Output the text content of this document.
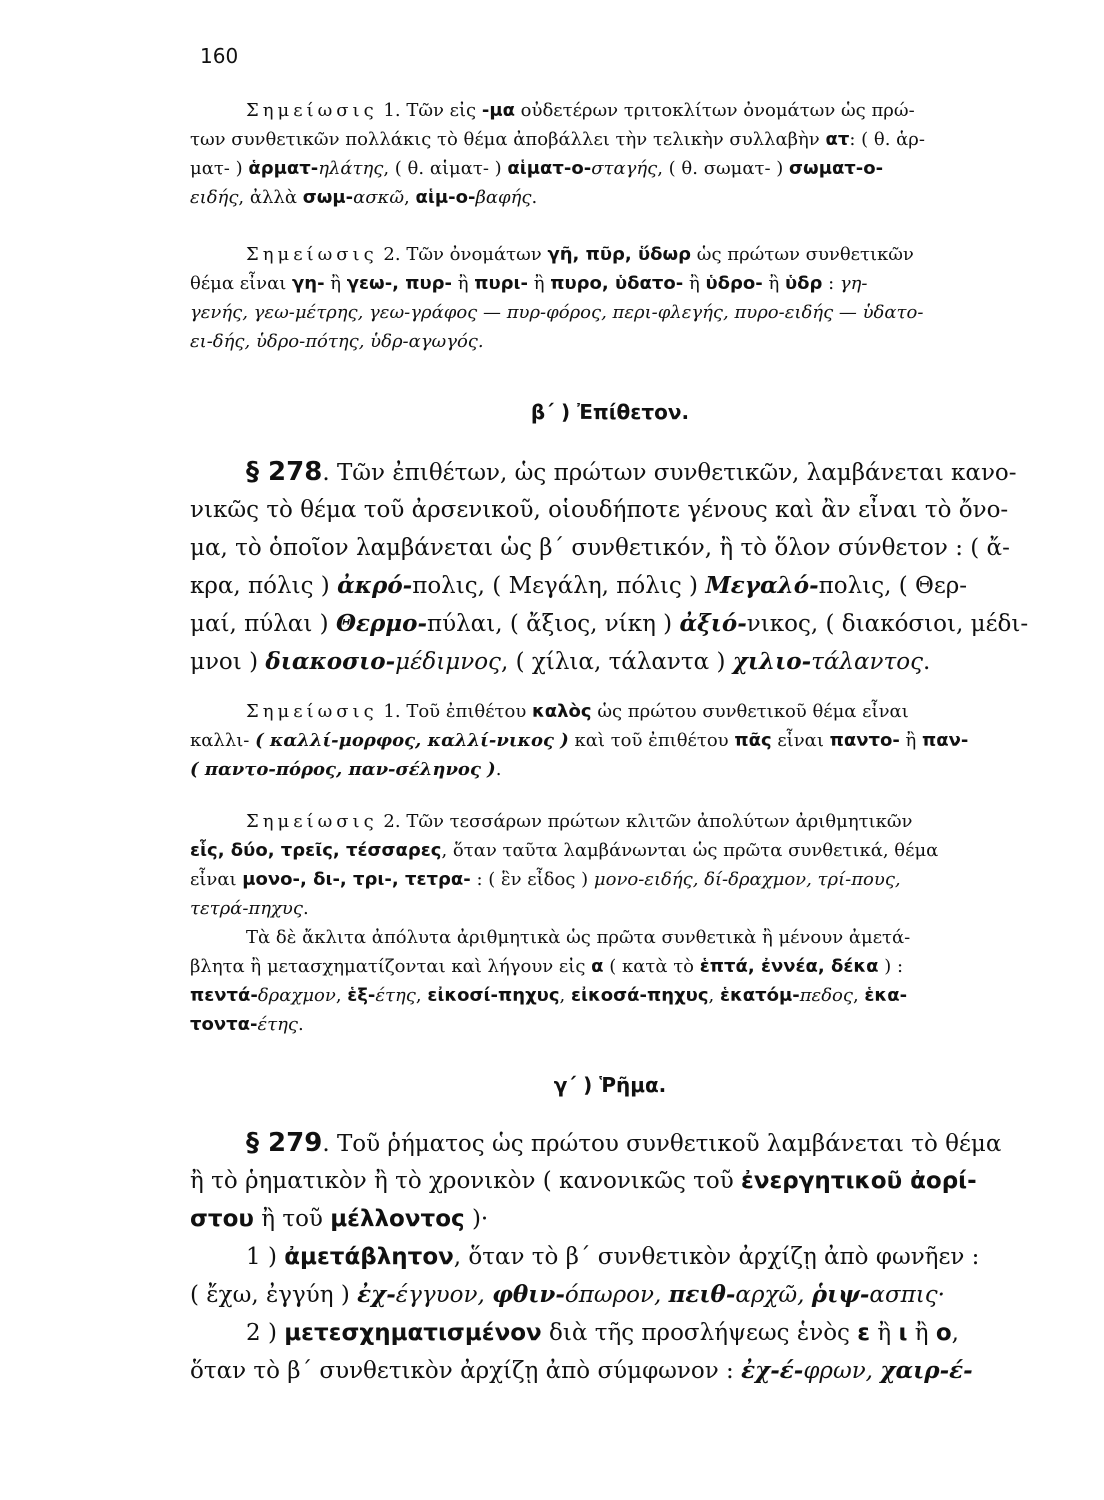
160
Σημείωσις 1. Τῶν εἰς -μα οὐδετέρων τριτοκλίτων ὀνομάτων ὡς πρώ-
των συνθετικῶν πολλάκις τὸ θέμα ἀποβάλλει τὴν τελικὴν συλλαβὴν ατ: ( θ. ἁρ-
ματ- ) ἁρματ-ηλάτης, ( θ. αἱματ- ) αἱματ-ο-σταγής, ( θ. σωματ- ) σωματ-ο-
ειδής, ἀλλὰ σωμ-ασκῶ, αἱμ-ο-βαφής.
Σημείωσις 2. Τῶν ὀνομάτων γῆ, πῦρ, ὕδωρ ὡς πρώτων συνθετικῶν
θέμα εἶναι γη- ἢ γεω-, πυρ- ἢ πυρι- ἢ πυρο, ὑδατο- ἢ ὑδρο- ἢ ὑδρ : γη-
γενής, γεω-μέτρης, γεω-γράφος — πυρ-φόρος, περι-φλεγής, πυρο-ειδής — ὑδατο-
ει-δής, ὑδρο-πότης, ὑδρ-αγωγός.
β΄ ) Ἐπίθετον.
§ 278. Τῶν ἐπιθέτων, ὡς πρώτων συνθετικῶν, λαμβάνεται κανο-
νικῶς τὸ θέμα τοῦ ἀρσενικοῦ, οἱουδήποτε γένους καὶ ἂν εἶναι τὸ ὄνο-
μα, τὸ ὁποῖον λαμβάνεται ὡς β΄ συνθετικόν, ἢ τὸ ὅλον σύνθετον : ( ἄ-
κρα, πόλις ) ἀκρό-πολις, ( Μεγάλη, πόλις ) Μεγαλό-πολις, ( Θερ-
μαί, πύλαι ) Θερμο-πύλαι, ( ἄξιος, νίκη ) ἀξιό-νικος, ( διακόσιοι, μέδι-
μνοι ) διακοσιο-μέδιμνος, ( χίλια, τάλαντα ) χιλιο-τάλαντος.
Σημείωσις 1. Τοῦ ἐπιθέτου καλὸς ὡς πρώτου συνθετικοῦ θέμα εἶναι
καλλι- ( καλλί-μορφος, καλλί-νικος ) καὶ τοῦ ἐπιθέτου πᾶς εἶναι παντο- ἢ παν-
( παντο-πόρος, παν-σέληνος ).
Σημείωσις 2. Τῶν τεσσάρων πρώτων κλιτῶν ἀπολύτων ἀριθμητικῶν
εἷς, δύο, τρεῖς, τέσσαρες, ὅταν ταῦτα λαμβάνωνται ὡς πρῶτα συνθετικά, θέμα
εἶναι μονο-, δι-, τρι-, τετρα- : ( ἓν εἶδος ) μονο-ειδής, δί-δραχμον, τρί-πους,
τετρά-πηχυς.
Τὰ δὲ ἄκλιτα ἀπόλυτα ἀριθμητικὰ ὡς πρῶτα συνθετικὰ ἢ μένουν ἀμετά-
βλητα ἢ μετασχηματίζονται καὶ λήγουν εἰς α ( κατὰ τὸ ἑπτά, ἐννέα, δέκα ) :
πεντά-δραχμον, ἑξ-έτης, εἰκοσί-πηχυς, εἰκοσά-πηχυς, ἑκατόμ-πεδος, ἑκα-
τοντα-έτης.
γ΄ ) Ῥῆμα.
§ 279. Τοῦ ῥήματος ὡς πρώτου συνθετικοῦ λαμβάνεται τὸ θέμα
ἢ τὸ ῥηματικὸν ἢ τὸ χρονικὸν ( κανονικῶς τοῦ ἐνεργητικοῦ ἀορί-
στου ἢ τοῦ μέλλοντος )·
1 ) ἀμετάβλητον, ὅταν τὸ β΄ συνθετικὸν ἀρχίζῃ ἀπὸ φωνῆεν :
( ἔχω, ἐγγύη ) ἐχ-έγγυον, φθιν-όπωρον, πειθ-αρχῶ, ῥιψ-ασπις·
2 ) μετεσχηματισμένον διὰ τῆς προσλήψεως ἑνὸς ε ἢ ι ἢ ο,
ὅταν τὸ β΄ συνθετικὸν ἀρχίζῃ ἀπὸ σύμφωνον : ἐχ-έ-φρων, χαιρ-έ-
